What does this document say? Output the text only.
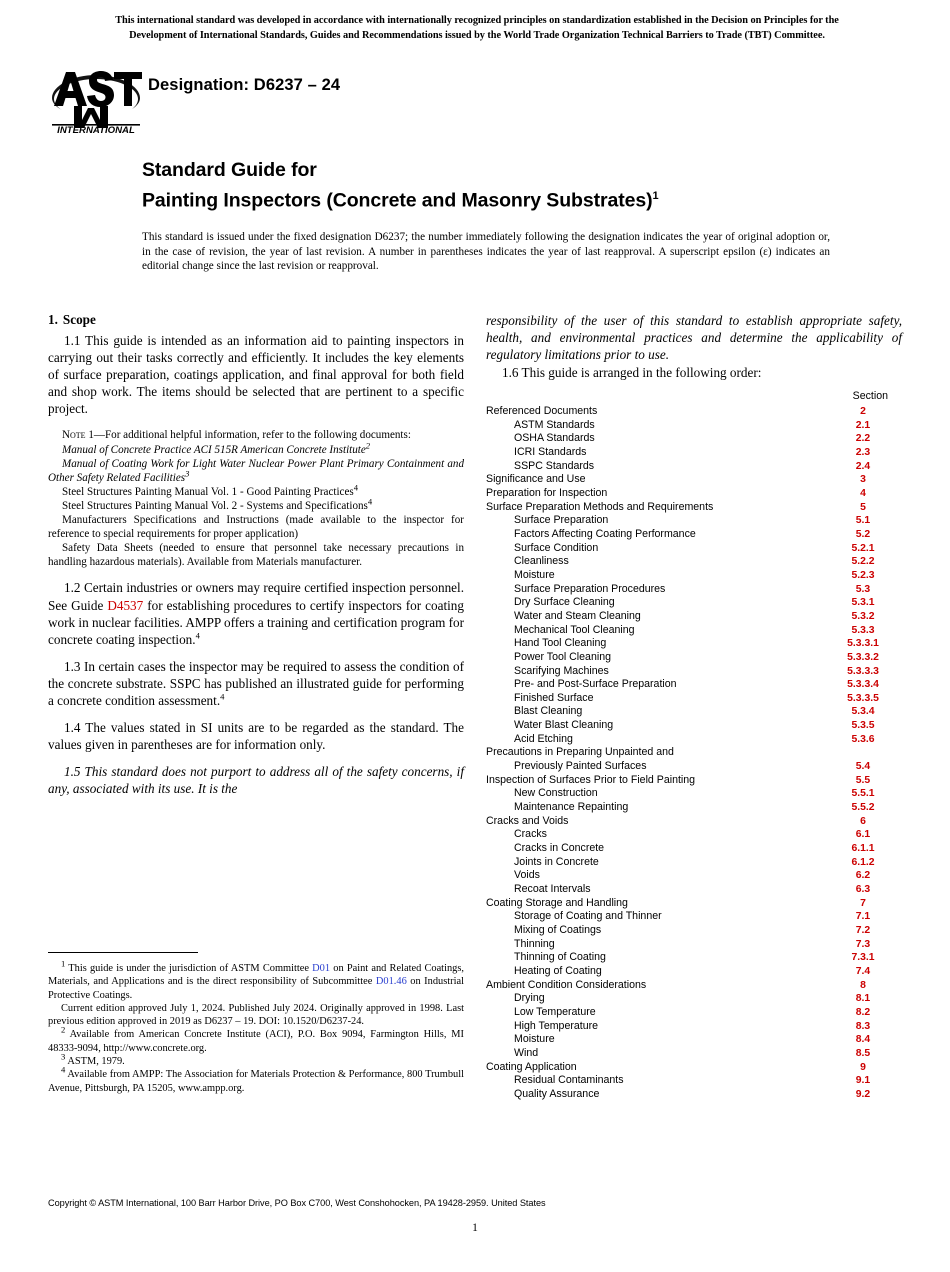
This international standard was developed in accordance with internationally recognized principles on standardization established in the Decision on Principles for the
Development of International Standards, Guides and Recommendations issued by the World Trade Organization Technical Barriers to Trade (TBT) Committee.
INTERNATIONAL
Designation: D6237 – 24
Standard Guide for
Painting Inspectors (Concrete and Masonry Substrates)$^1$
This standard is issued under the fixed designation D6237; the number immediately following the designation indicates the year of original adoption or, in the case of revision, the year of last revision. A number in parentheses indicates the year of last reapproval. A superscript epsilon (ε) indicates an editorial change since the last revision or reapproval.
1. Scope

1.1 This guide is intended as an information aid to painting inspectors in carrying out their tasks correctly and efficiently. It includes the key elements of surface preparation, coatings application, and final approval for both field and shop work. The items should be selected that are pertinent to a specific project.

Note 1—For additional helpful information, refer to the following documents:

Manual of Concrete Practice ACI 515R American Concrete Institute$^2$

Manual of Coating Work for Light Water Nuclear Power Plant Primary Containment and Other Safety Related Facilities$^3$

Steel Structures Painting Manual Vol. 1 - Good Painting Practices$^4$

Steel Structures Painting Manual Vol. 2 - Systems and Specifications$^4$

Manufacturers Specifications and Instructions (made available to the inspector for reference to special requirements for proper application)

Safety Data Sheets (needed to ensure that personnel take necessary precautions in handling hazardous materials). Available from Materials manufacturer.

1.2 Certain industries or owners may require certified inspection personnel. See Guide D4537 for establishing procedures to certify inspectors for coating work in nuclear facilities. AMPP offers a training and certification program for concrete coating inspection.$^4$

1.3 In certain cases the inspector may be required to assess the condition of the concrete substrate. SSPC has published an illustrated guide for performing a concrete condition assessment.$^4$

1.4 The values stated in SI units are to be regarded as the standard. The values given in parentheses are for information only.

1.5 This standard does not purport to address all of the safety concerns, if any, associated with its use. It is the

$^1$ This guide is under the jurisdiction of ASTM Committee D01 on Paint and Related Coatings, Materials, and Applications and is the direct responsibility of Subcommittee D01.46 on Industrial Protective Coatings.

Current edition approved July 1, 2024. Published July 2024. Originally approved in 1998. Last previous edition approved in 2019 as D6237 – 19. DOI: 10.1520/D6237-24.

$^2$ Available from American Concrete Institute (ACI), P.O. Box 9094, Farmington Hills, MI 48333-9094, http://www.concrete.org.

$^3$ ASTM, 1979.

$^4$ Available from AMPP: The Association for Materials Protection & Performance, 800 Trumbull Avenue, Pittsburgh, PA 15205, www.ampp.org.

responsibility of the user of this standard to establish appropriate safety, health, and environmental practices and determine the applicability of regulatory limitations prior to use.

1.6 This guide is arranged in the following order:

Section
Referenced Documents	2
ASTM Standards	2.1
OSHA Standards	2.2
ICRI Standards	2.3
SSPC Standards	2.4
Significance and Use	3
Preparation for Inspection	4
Surface Preparation Methods and Requirements	5
Surface Preparation	5.1
Factors Affecting Coating Performance	5.2
Surface Condition	5.2.1
Cleanliness	5.2.2
Moisture	5.2.3
Surface Preparation Procedures	5.3
Dry Surface Cleaning	5.3.1
Water and Steam Cleaning	5.3.2
Mechanical Tool Cleaning	5.3.3
Hand Tool Cleaning	5.3.3.1
Power Tool Cleaning	5.3.3.2
Scarifying Machines	5.3.3.3
Pre- and Post-Surface Preparation	5.3.3.4
Finished Surface	5.3.3.5
Blast Cleaning	5.3.4
Water Blast Cleaning	5.3.5
Acid Etching	5.3.6
Precautions in Preparing Unpainted and
Previously Painted Surfaces	5.4
Inspection of Surfaces Prior to Field Painting	5.5
New Construction	5.5.1
Maintenance Repainting	5.5.2
Cracks and Voids	6
Cracks	6.1
Cracks in Concrete	6.1.1
Joints in Concrete	6.1.2
Voids	6.2
Recoat Intervals	6.3
Coating Storage and Handling	7
Storage of Coating and Thinner	7.1
Mixing of Coatings	7.2
Thinning	7.3
Thinning of Coating	7.3.1
Heating of Coating	7.4
Ambient Condition Considerations	8
Drying	8.1
Low Temperature	8.2
High Temperature	8.3
Moisture	8.4
Wind	8.5
Coating Application	9
Residual Contaminants	9.1
Quality Assurance	9.2
Copyright © ASTM International, 100 Barr Harbor Drive, PO Box C700, West Conshohocken, PA 19428-2959. United States
1
